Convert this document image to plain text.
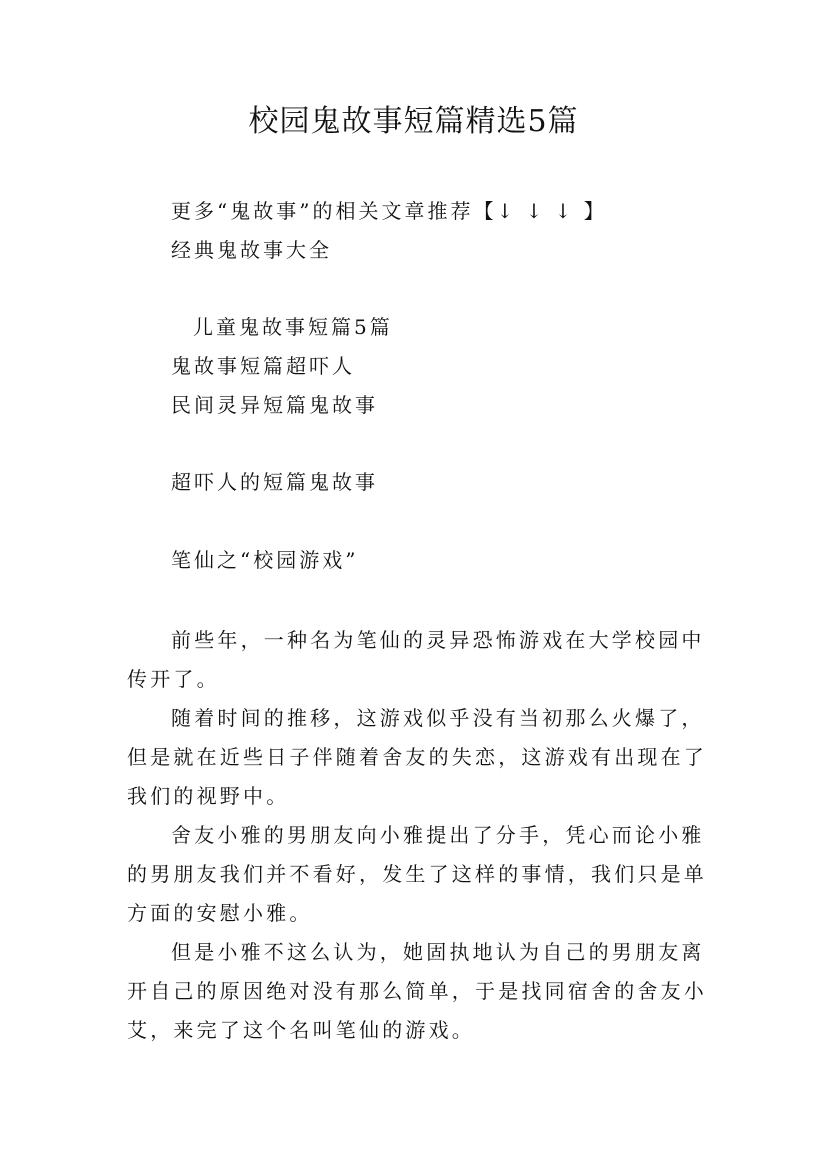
校园鬼故事短篇精选5篇
更多“鬼故事”的相关文章推荐【↓ ↓ ↓ 】
经典鬼故事大全
儿童鬼故事短篇5篇
鬼故事短篇超吓人
民间灵异短篇鬼故事
超吓人的短篇鬼故事
笔仙之“校园游戏”

前些年，一种名为笔仙的灵异恐怖游戏在大学校园中传开了。

随着时间的推移，这游戏似乎没有当初那么火爆了，但是就在近些日子伴随着舍友的失恋，这游戏有出现在了我们的视野中。

舍友小雅的男朋友向小雅提出了分手，凭心而论小雅的男朋友我们并不看好，发生了这样的事情，我们只是单方面的安慰小雅。

但是小雅不这么认为，她固执地认为自己的男朋友离开自己的原因绝对没有那么简单，于是找同宿舍的舍友小艾，来完了这个名叫笔仙的游戏。
